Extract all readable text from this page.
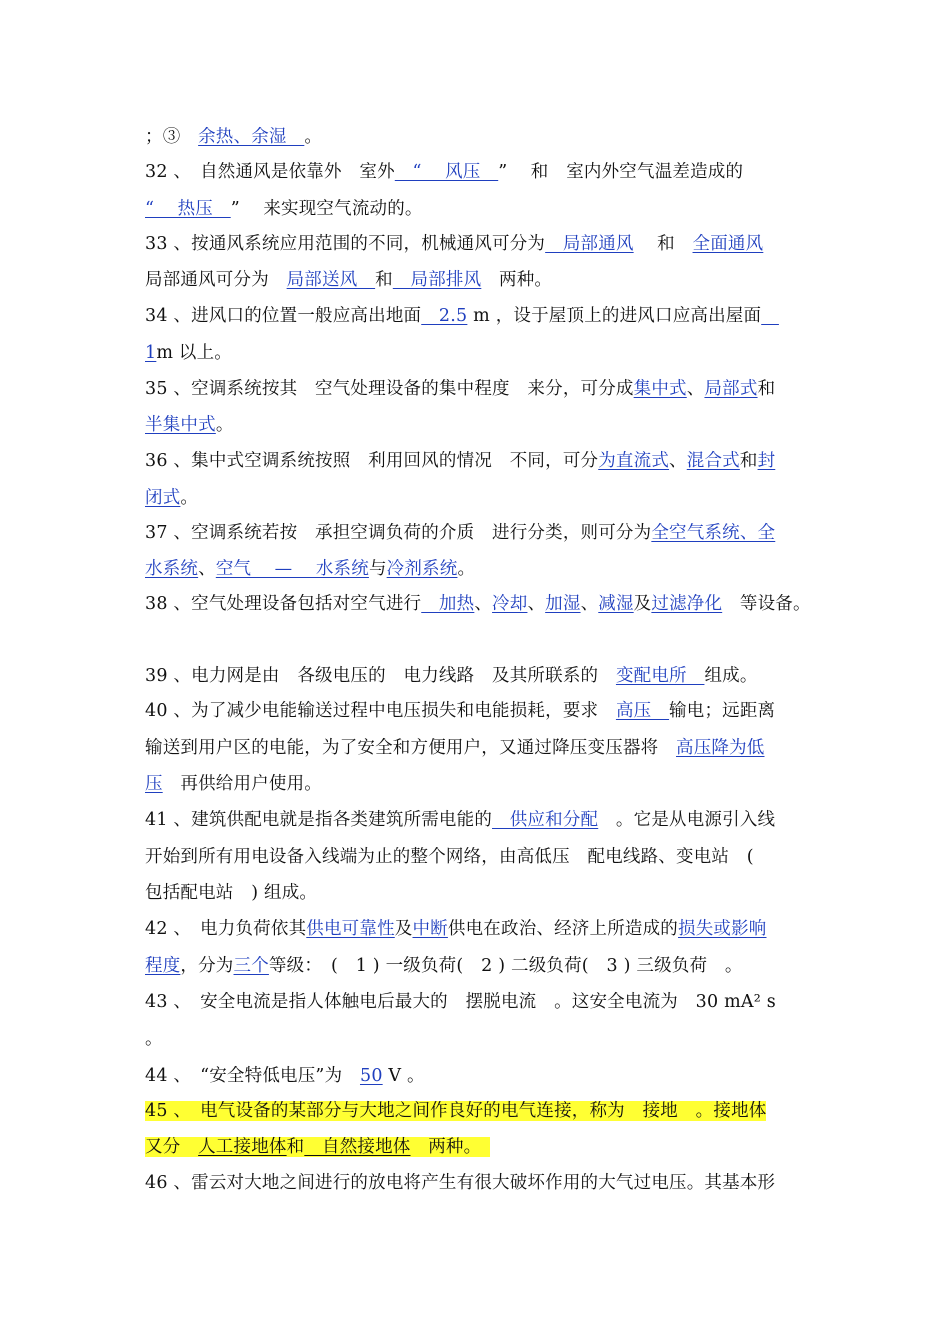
；③　余热、余湿　。
32 、　自然通风是依靠外　室外　“　 风压　”　 和　室内外空气温差造成的
“　 热压　”　 来实现空气流动的。
33 、按通风系统应用范围的不同，机械通风可分为　局部通风　 和　全面通风
局部通风可分为　局部送风　和　局部排风　两种。
34 、进风口的位置一般应高出地面　2.5 m ，设于屋顶上的进风口应高出屋面　
1m 以上。
35 、空调系统按其　空气处理设备的集中程度　来分，可分成集中式、局部式和
半集中式。
36 、集中式空调系统按照　利用回风的情况　不同，可分为直流式、混合式和封
闭式。
37 、空调系统若按　承担空调负荷的介质　进行分类，则可分为全空气系统、全
水系统、空气　 —　 水系统与冷剂系统。
38 、空气处理设备包括对空气进行　加热、冷却、加湿、减湿及过滤净化　等设备。
39 、电力网是由　各级电压的　电力线路　及其所联系的　变配电所　组成。
40 、为了减少电能输送过程中电压损失和电能损耗，要求　高压　输电；远距离
输送到用户区的电能，为了安全和方便用户，又通过降压变压器将　高压降为低
压　再供给用户使用。
41 、建筑供配电就是指各类建筑所需电能的　供应和分配　。它是从电源引入线
开始到所有用电设备入线端为止的整个网络，由高低压　配电线路、变电站　(
包括配电站　) 组成。
42 、　电力负荷依其供电可靠性及中断供电在政治、经济上所造成的损失或影响
程度，分为三个等级：　(　1 ) 一级负荷(　2 ) 二级负荷(　3 ) 三级负荷　。
43 、　安全电流是指人体触电后最大的　摆脱电流　。这安全电流为　30 mA² s
。
44 、　“安全特低电压”为　50 V 。
45 、　电气设备的某部分与大地之间作良好的电气连接，称为　接地　。接地体
又分　人工接地体和　自然接地体　两种。　
46 、雷云对大地之间进行的放电将产生有很大破坏作用的大气过电压。其基本形
